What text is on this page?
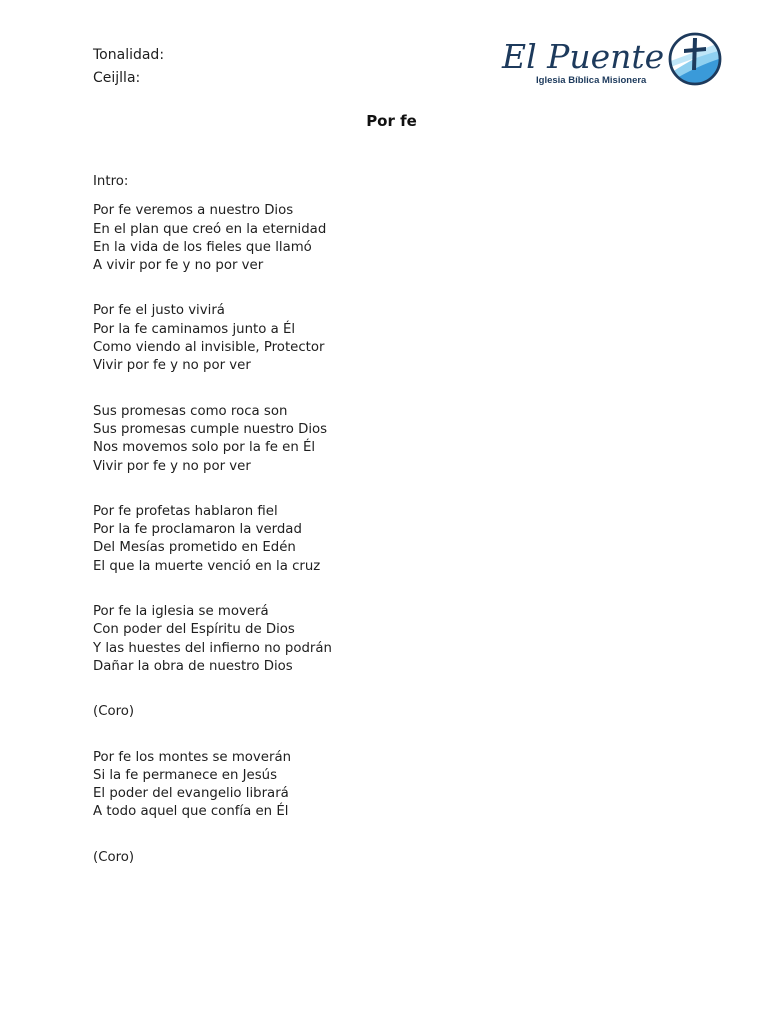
Tonalidad:
Ceijlla:
El Puente
Iglesia Bíblica Misionera
Por fe
Intro:
Por fe veremos a nuestro Dios
En el plan que creó en la eternidad
En la vida de los fieles que llamó
A vivir por fe y no por ver
Por fe el justo vivirá
Por la fe caminamos junto a Él
Como viendo al invisible, Protector
Vivir por fe y no por ver
Sus promesas como roca son
Sus promesas cumple nuestro Dios
Nos movemos solo por la fe en Él
Vivir por fe y no por ver
Por fe profetas hablaron fiel
Por la fe proclamaron la verdad
Del Mesías prometido en Edén
El que la muerte venció en la cruz
Por fe la iglesia se moverá
Con poder del Espíritu de Dios
Y las huestes del infierno no podrán
Dañar la obra de nuestro Dios
(Coro)
Por fe los montes se moverán
Si la fe permanece en Jesús
El poder del evangelio librará
A todo aquel que confía en Él
(Coro)
